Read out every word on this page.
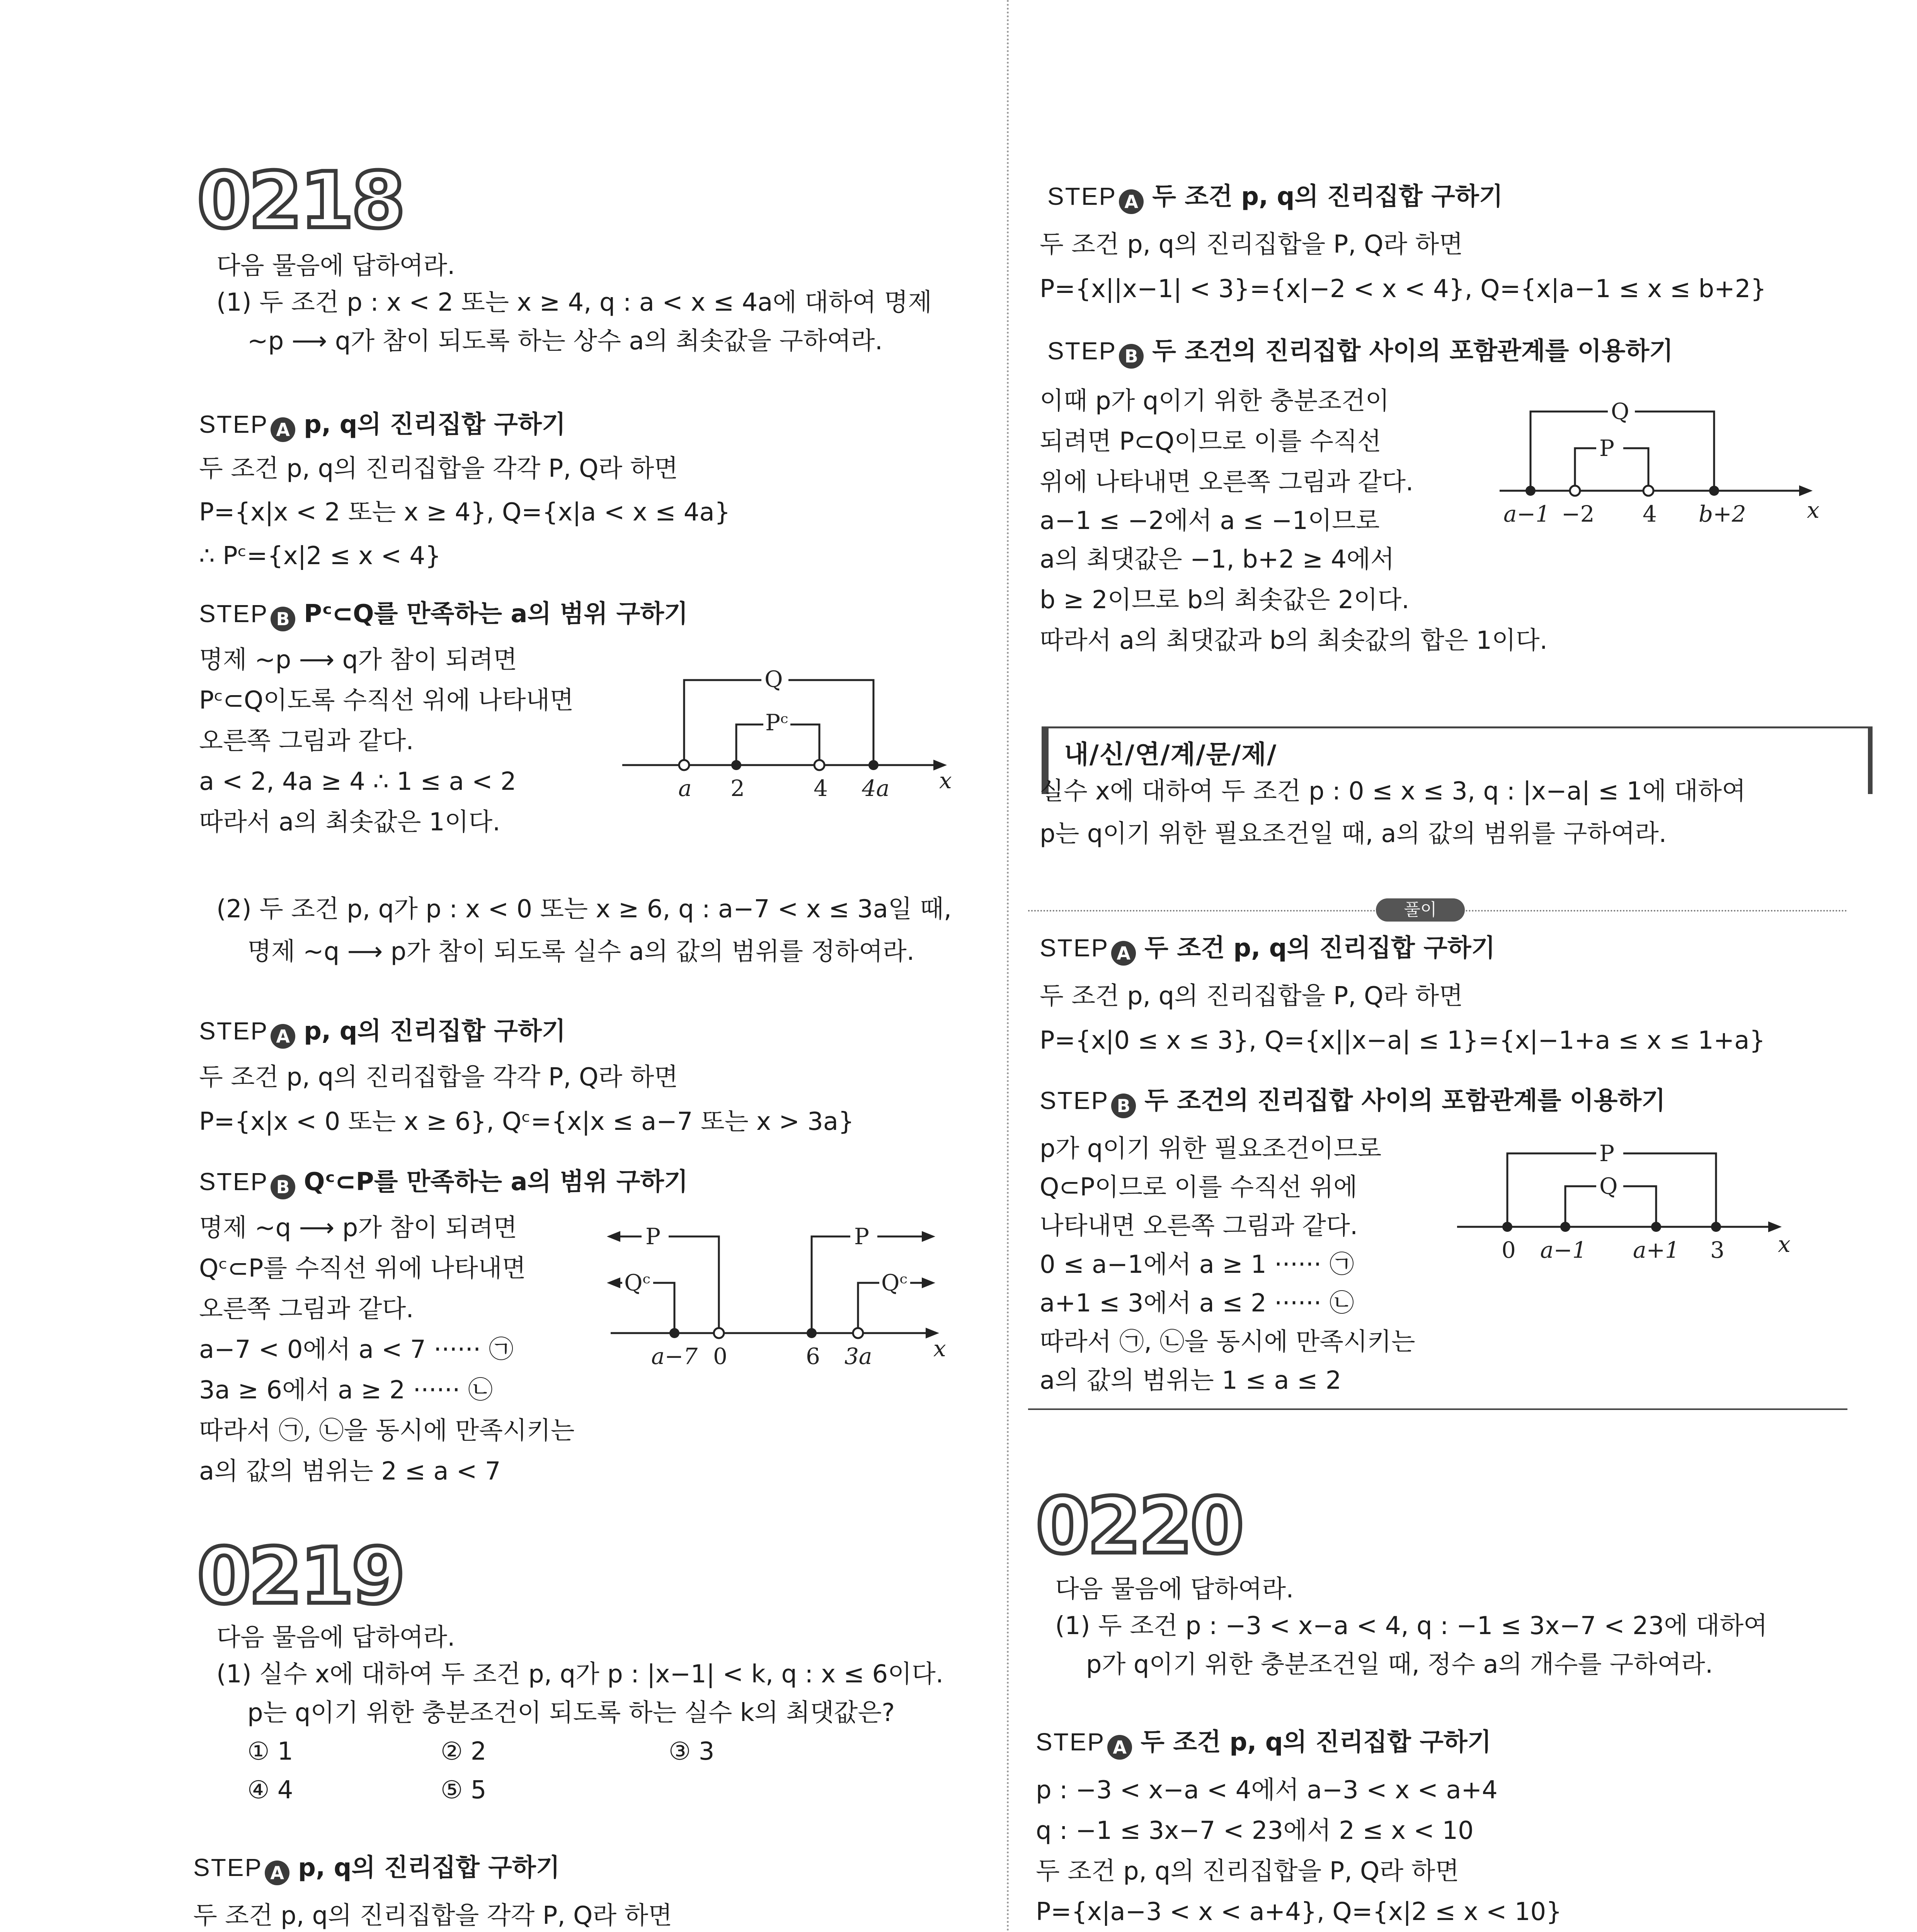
0218
다음 물음에 답하여라.
(1) 두 조건 p : x < 2 또는 x ≥ 4, q : a < x ≤ 4a에 대하여 명제
~p ⟶ q가 참이 되도록 하는 상수 a의 최솟값을 구하여라.
STEP A p, q의 진리집합 구하기
두 조건 p, q의 진리집합을 각각 P, Q라 하면
P={x|x < 2 또는 x ≥ 4}, Q={x|a < x ≤ 4a}
∴ Pᶜ={x|2 ≤ x < 4}
STEP B Pᶜ⊂Q를 만족하는 a의 범위 구하기
명제 ~p ⟶ q가 참이 되려면
Pᶜ⊂Q이도록 수직선 위에 나타내면
오른쪽 그림과 같다.
a < 2, 4a ≥ 4 ∴ 1 ≤ a < 2
따라서 a의 최솟값은 1이다.
Q
Pᶜ
a 2	4 4a x
(2) 두 조건 p, q가 p : x < 0 또는 x ≥ 6, q : a−7 < x ≤ 3a일 때,
명제 ~q ⟶ p가 참이 되도록 실수 a의 값의 범위를 정하여라.
STEP A p, q의 진리집합 구하기
두 조건 p, q의 진리집합을 각각 P, Q라 하면
P={x|x < 0 또는 x ≥ 6}, Qᶜ={x|x ≤ a−7 또는 x > 3a}
STEP B Qᶜ⊂P를 만족하는 a의 범위 구하기
명제 ~q ⟶ p가 참이 되려면
Qᶜ⊂P를 수직선 위에 나타내면
오른쪽 그림과 같다.
a−7 < 0에서 a < 7 ······ ㉠
3a ≥ 6에서 a ≥ 2 ······ ㉡
따라서 ㉠, ㉡을 동시에 만족시키는
a의 값의 범위는 2 ≤ a < 7
P
Qᶜ
P
Qᶜ
a−7 0	6 3a	x
0219
다음 물음에 답하여라.
(1) 실수 x에 대하여 두 조건 p, q가 p : |x−1| < k, q : x ≤ 6이다.
p는 q이기 위한 충분조건이 되도록 하는 실수 k의 최댓값은?
① 1	② 2	③ 3
④ 4	⑤ 5
STEP A p, q의 진리집합 구하기
두 조건 p, q의 진리집합을 각각 P, Q라 하면
STEP A 두 조건 p, q의 진리집합 구하기
두 조건 p, q의 진리집합을 P, Q라 하면
P={x||x−1| < 3}={x|−2 < x < 4}, Q={x|a−1 ≤ x ≤ b+2}
STEP B 두 조건의 진리집합 사이의 포함관계를 이용하기
이때 p가 q이기 위한 충분조건이
되려면 P⊂Q이므로 이를 수직선
위에 나타내면 오른쪽 그림과 같다.
a−1 ≤ −2에서 a ≤ −1이므로
a의 최댓값은 −1, b+2 ≥ 4에서
b ≥ 2이므로 b의 최솟값은 2이다.
따라서 a의 최댓값과 b의 최솟값의 합은 1이다.
Q
P
a−1 −2 4 b+2	x
내/신/연/계/문/제/
실수 x에 대하여 두 조건 p : 0 ≤ x ≤ 3, q : |x−a| ≤ 1에 대하여
p는 q이기 위한 필요조건일 때, a의 값의 범위를 구하여라.
풀이
STEP A 두 조건 p, q의 진리집합 구하기
두 조건 p, q의 진리집합을 P, Q라 하면
P={x|0 ≤ x ≤ 3}, Q={x||x−a| ≤ 1}={x|−1+a ≤ x ≤ 1+a}
STEP B 두 조건의 진리집합 사이의 포함관계를 이용하기
p가 q이기 위한 필요조건이므로
Q⊂P이므로 이를 수직선 위에
나타내면 오른쪽 그림과 같다.
0 ≤ a−1에서 a ≥ 1 ······ ㉠
a+1 ≤ 3에서 a ≤ 2 ······ ㉡
따라서 ㉠, ㉡을 동시에 만족시키는
a의 값의 범위는 1 ≤ a ≤ 2
P
Q
0 a−1 a+1 3 x
0220
다음 물음에 답하여라.
(1) 두 조건 p : −3 < x−a < 4, q : −1 ≤ 3x−7 < 23에 대하여
p가 q이기 위한 충분조건일 때, 정수 a의 개수를 구하여라.
STEP A 두 조건 p, q의 진리집합 구하기
p : −3 < x−a < 4에서 a−3 < x < a+4
q : −1 ≤ 3x−7 < 23에서 2 ≤ x < 10
두 조건 p, q의 진리집합을 P, Q라 하면
P={x|a−3 < x < a+4}, Q={x|2 ≤ x < 10}
